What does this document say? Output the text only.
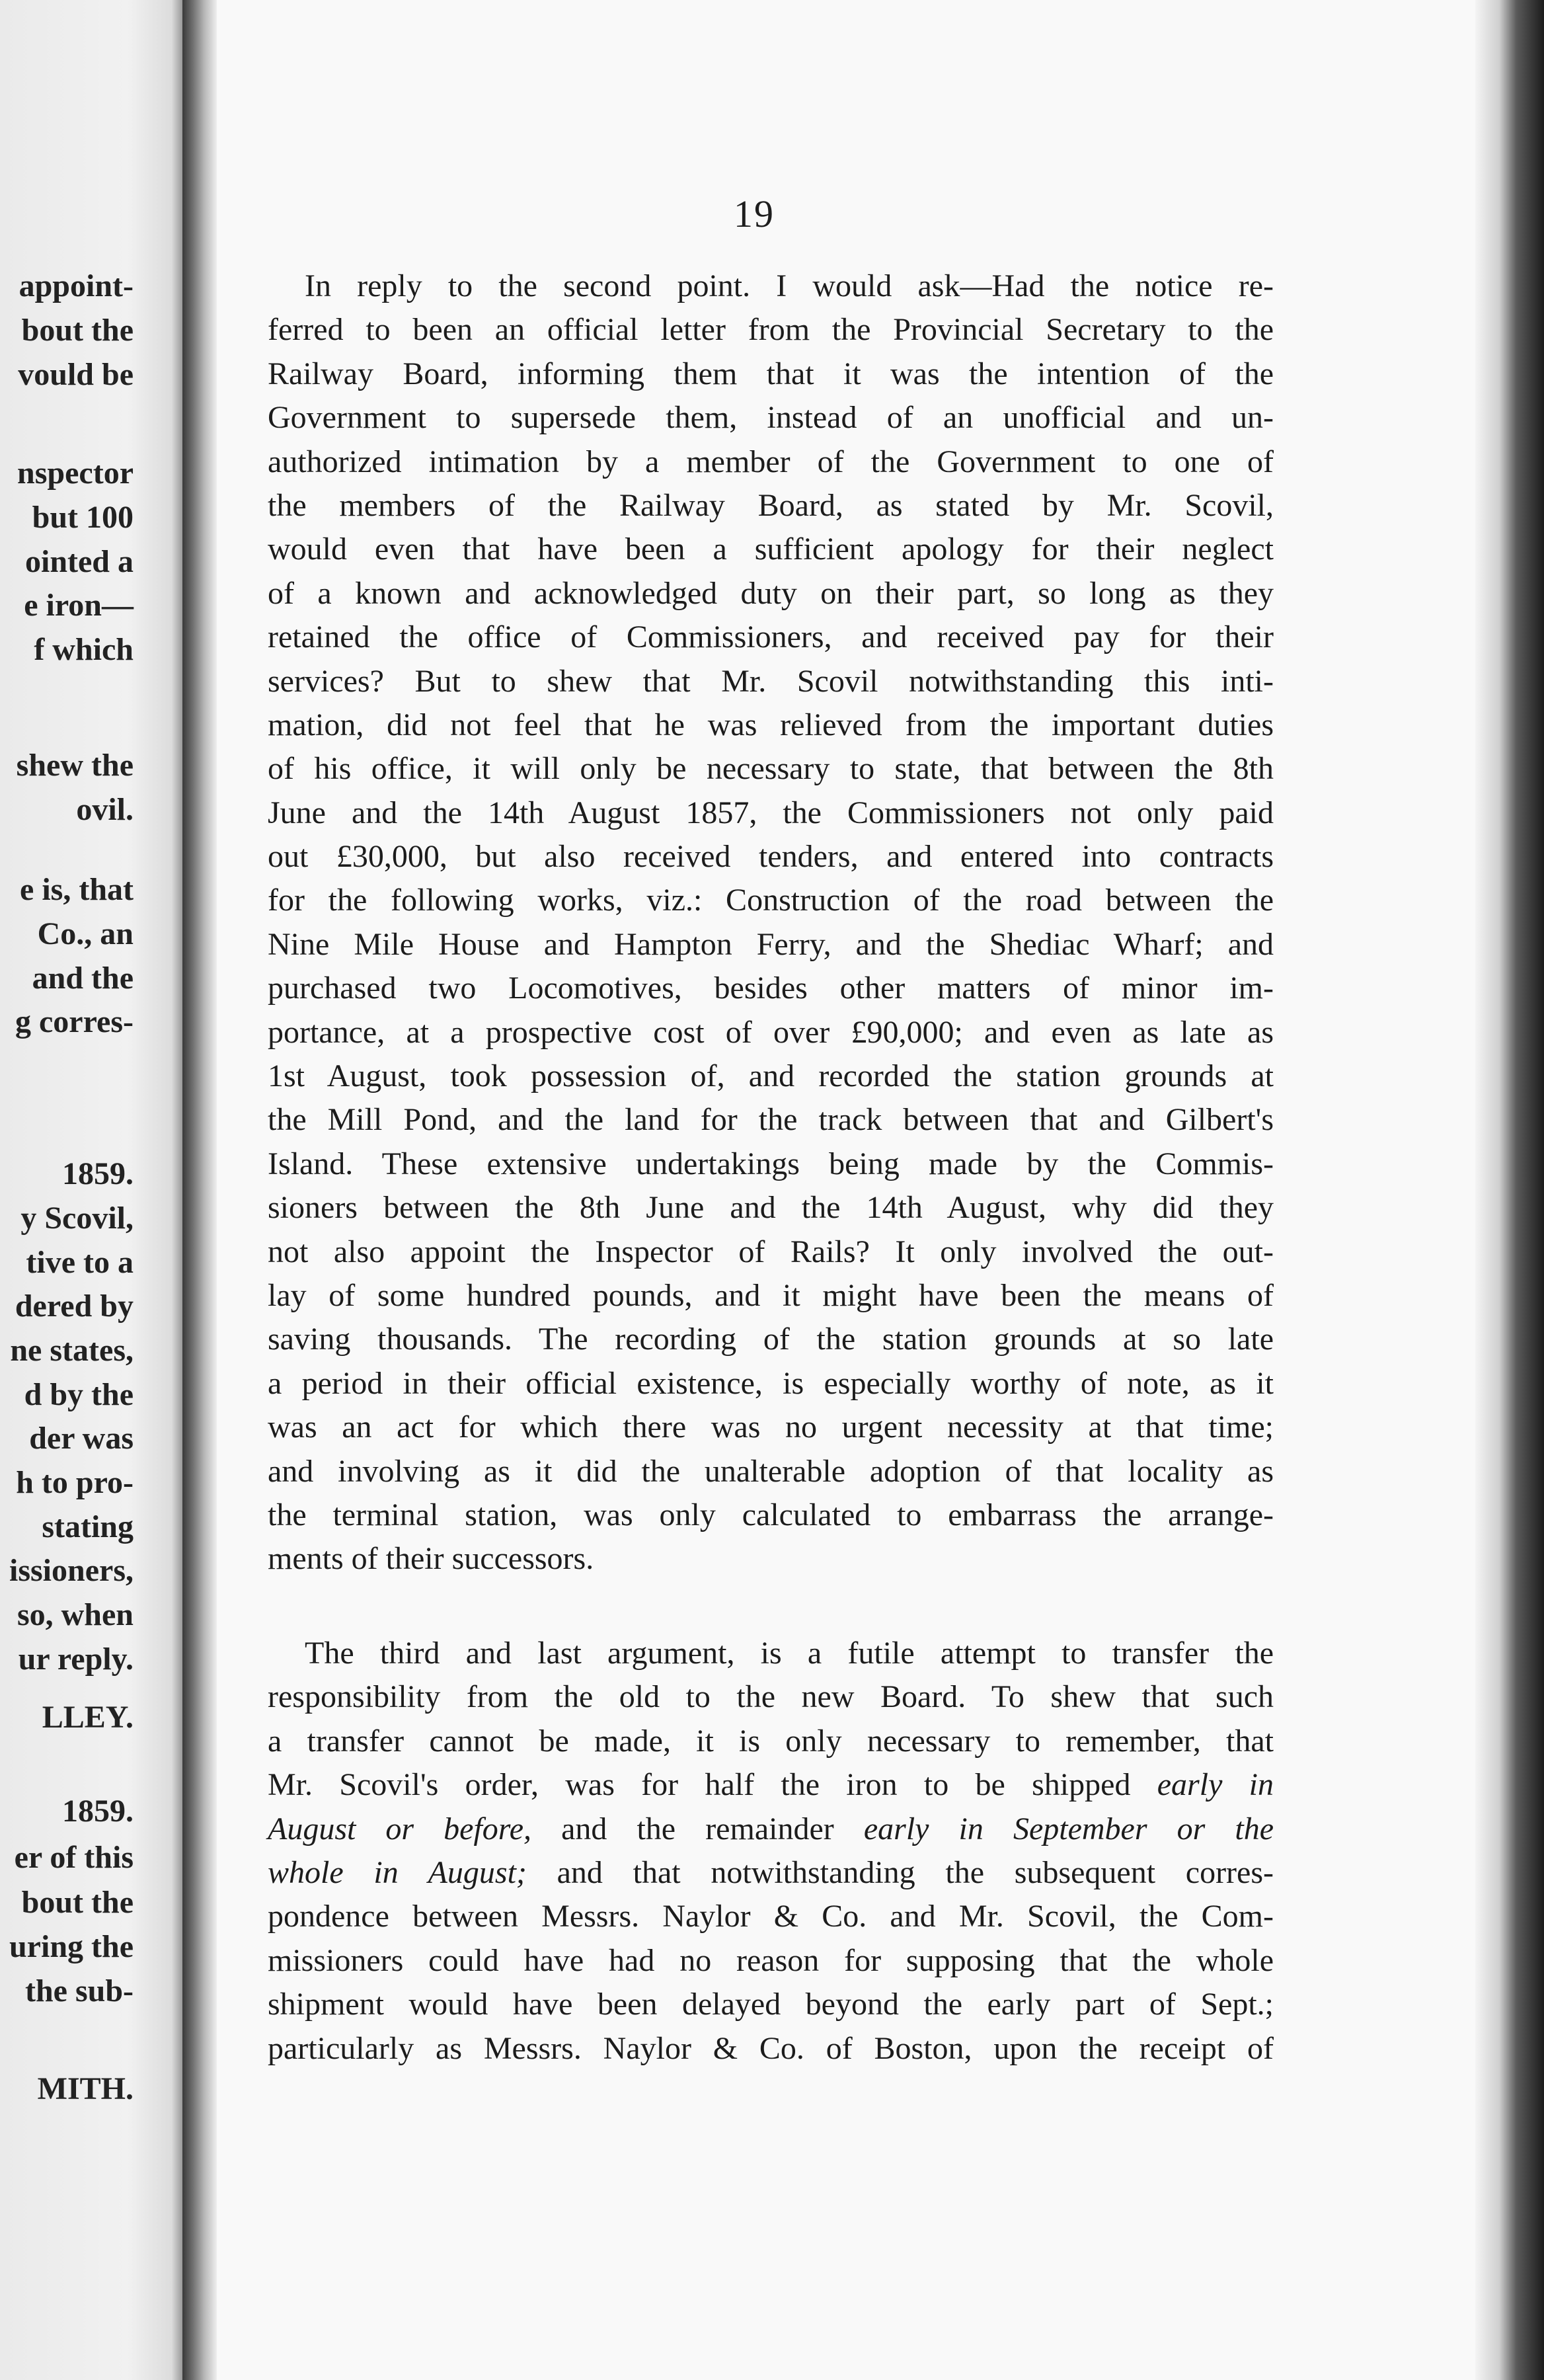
appoint-
bout the
vould be
nspector
but 100
ointed a
e iron—
f which
shew the
ovil.
e is, that
Co., an
and the
g corres-
1859.
y Scovil,
tive to a
dered by
ne states,
d by the
der was
h to pro-
stating
issioners,
so, when
ur reply.
LLEY.
1859.
er of this
bout the
uring the
the sub-
MITH.
19
In reply to the second point. I would ask—Had the notice re-
ferred to been an official letter from the Provincial Secretary to the
Railway Board, informing them that it was the intention of the
Government to supersede them, instead of an unofficial and un-
authorized intimation by a member of the Government to one of
the members of the Railway Board, as stated by Mr. Scovil,
would even that have been a sufficient apology for their neglect
of a known and acknowledged duty on their part, so long as they
retained the office of Commissioners, and received pay for their
services? But to shew that Mr. Scovil notwithstanding this inti-
mation, did not feel that he was relieved from the important duties
of his office, it will only be necessary to state, that between the 8th
June and the 14th August 1857, the Commissioners not only paid
out £30,000, but also received tenders, and entered into contracts
for the following works, viz.: Construction of the road between the
Nine Mile House and Hampton Ferry, and the Shediac Wharf; and
purchased two Locomotives, besides other matters of minor im-
portance, at a prospective cost of over £90,000; and even as late as
1st August, took possession of, and recorded the station grounds at
the Mill Pond, and the land for the track between that and Gilbert's
Island. These extensive undertakings being made by the Commis-
sioners between the 8th June and the 14th August, why did they
not also appoint the Inspector of Rails? It only involved the out-
lay of some hundred pounds, and it might have been the means of
saving thousands. The recording of the station grounds at so late
a period in their official existence, is especially worthy of note, as it
was an act for which there was no urgent necessity at that time;
and involving as it did the unalterable adoption of that locality as
the terminal station, was only calculated to embarrass the arrange-
ments of their successors.
The third and last argument, is a futile attempt to transfer the
responsibility from the old to the new Board. To shew that such
a transfer cannot be made, it is only necessary to remember, that
Mr. Scovil's order, was for half the iron to be shipped early in
August or before, and the remainder early in September or the
whole in August; and that notwithstanding the subsequent corres-
pondence between Messrs. Naylor & Co. and Mr. Scovil, the Com-
missioners could have had no reason for supposing that the whole
shipment would have been delayed beyond the early part of Sept.;
particularly as Messrs. Naylor & Co. of Boston, upon the receipt of
